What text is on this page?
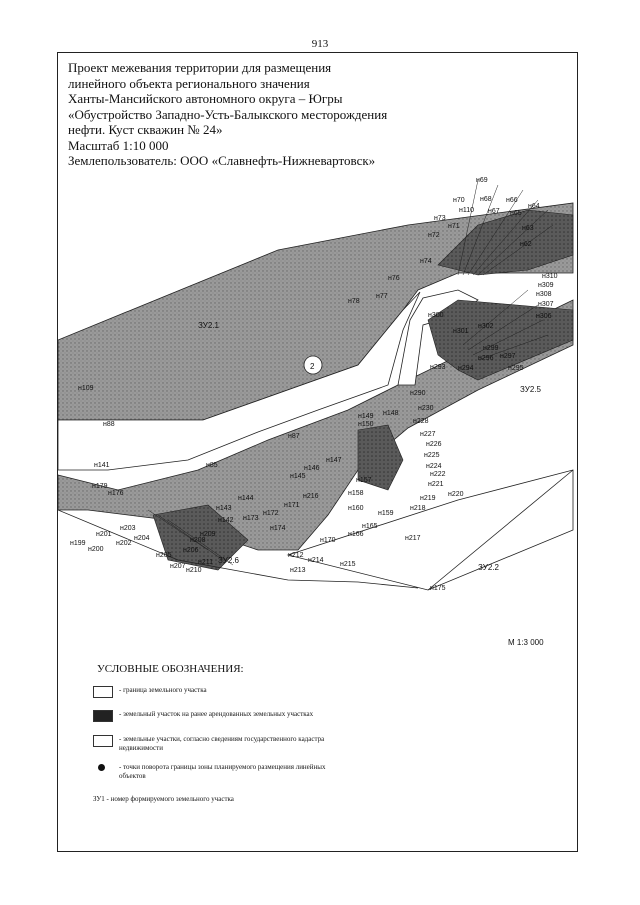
913
Проект межевания территории для размещения
линейного объекта регионального значения
Ханты-Мансийского автономного округа – Югры
«Обустройство Западно-Усть-Балыкского месторождения
нефти. Куст скважин № 24»
Масштаб 1:10 000
Землепользователь: ООО «Славнефть-Нижневартовск»
2
ЗУ2.1
ЗУ2.5
ЗУ2.6
ЗУ2.2
н69
н70 н68 н66
н64
н110 н67 н65
н73
н71	н63
н72
н62
н74
н310
н309
н308
н307
н306
н76
н77
н78
н300
н301
н302
н299
н296 н297
н294
н293	н295
н109
н88
н87
н85
н141
н290
н230
н149 н148
н150	н228
н227
н226
н147
н146
н145
н144
н143
н142
н225
н224
н222
н221
н220
н219
н218
н217
н160
н159
н158
н157
н165
н166
н176
н179
н199
н200
н201
н202
н203
н204
н205
н206
н207
н208
н209
н210
н211
н212
н213
н214
н215
н216
н170
н171
н172
н173
н174
н175
М 1:3 000
УСЛОВНЫЕ ОБОЗНАЧЕНИЯ:
- граница земельного участка
- земельный участок на ранее арендованных земельных участках
- земельные участки, согласно сведениям государственного кадастра недвижимости
- точки поворота границы зоны планируемого размещения линейных объектов
ЗУ1 - номер формируемого земельного участка
